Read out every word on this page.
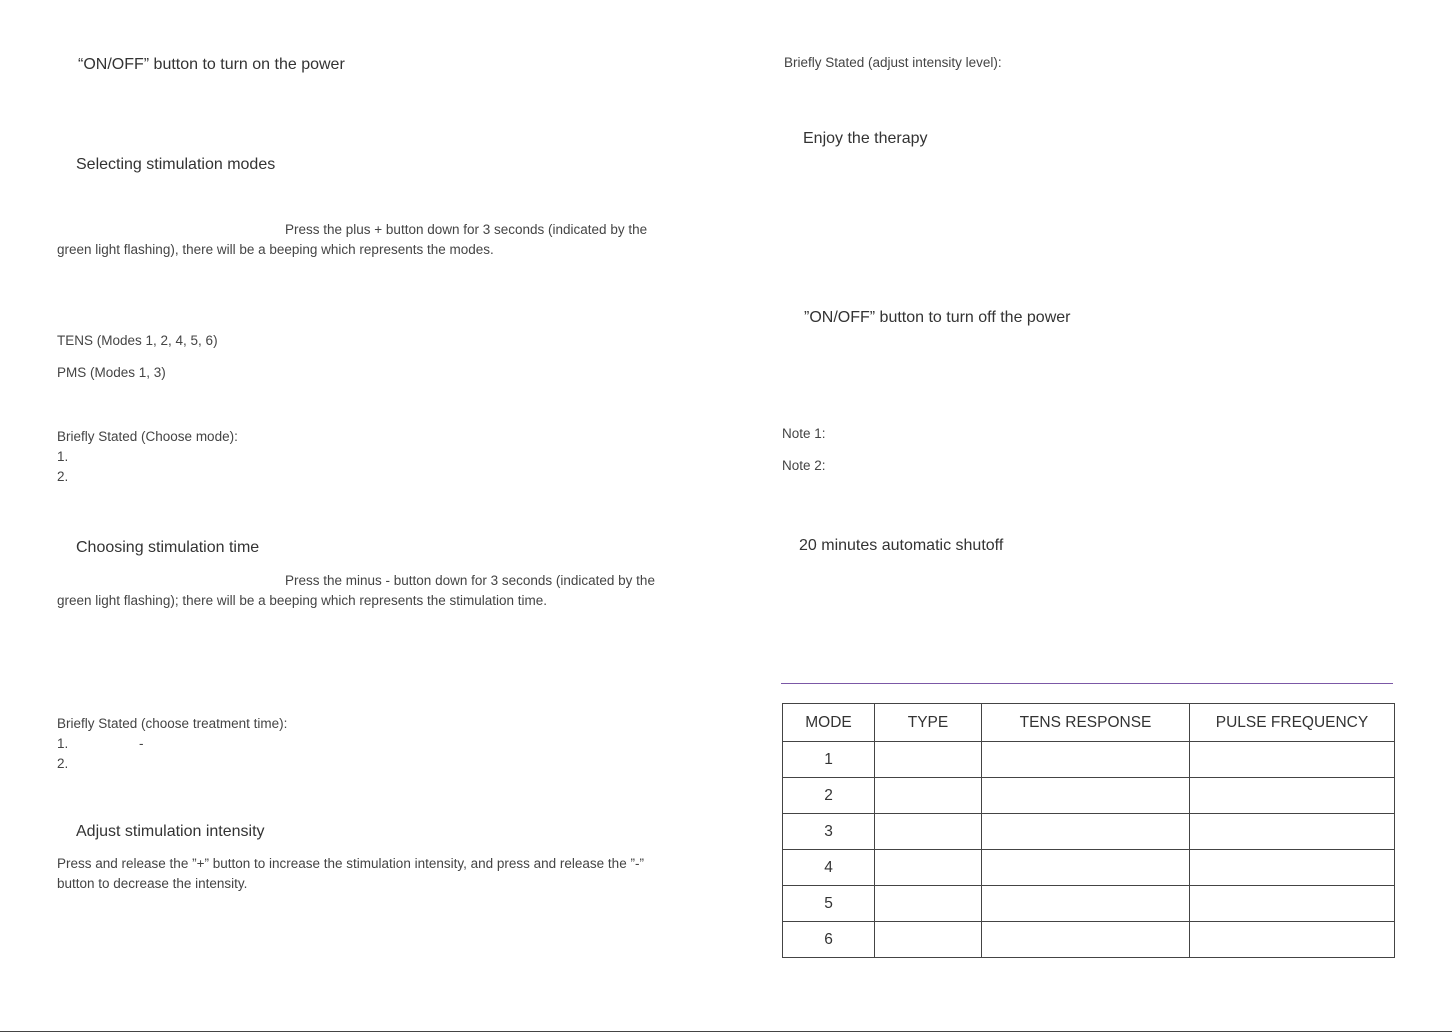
“ON/OFF” button to turn on the power
Selecting stimulation modes
Press the plus + button down for 3 seconds (indicated by the
green light flashing), there will be a beeping which represents the modes.
TENS (Modes 1, 2, 4, 5, 6)
PMS (Modes 1, 3)
Briefly Stated (Choose mode):
1.
2.
Choosing stimulation time
Press the minus - button down for 3 seconds (indicated by the
green light flashing); there will be a beeping which represents the stimulation time.
Briefly Stated (choose treatment time):
1.	-
2.
Adjust stimulation intensity
Press and release the ”+” button to increase the stimulation intensity, and press and release the ”-”
button to decrease the intensity.
Briefly Stated (adjust intensity level):
Enjoy the therapy
”ON/OFF” button to turn off the power
Note 1:
Note 2:
20 minutes automatic shutoff
MODE	TYPE	TENS RESPONSE	PULSE FREQUENCY
1			
2			
3			
4			
5			
6			
